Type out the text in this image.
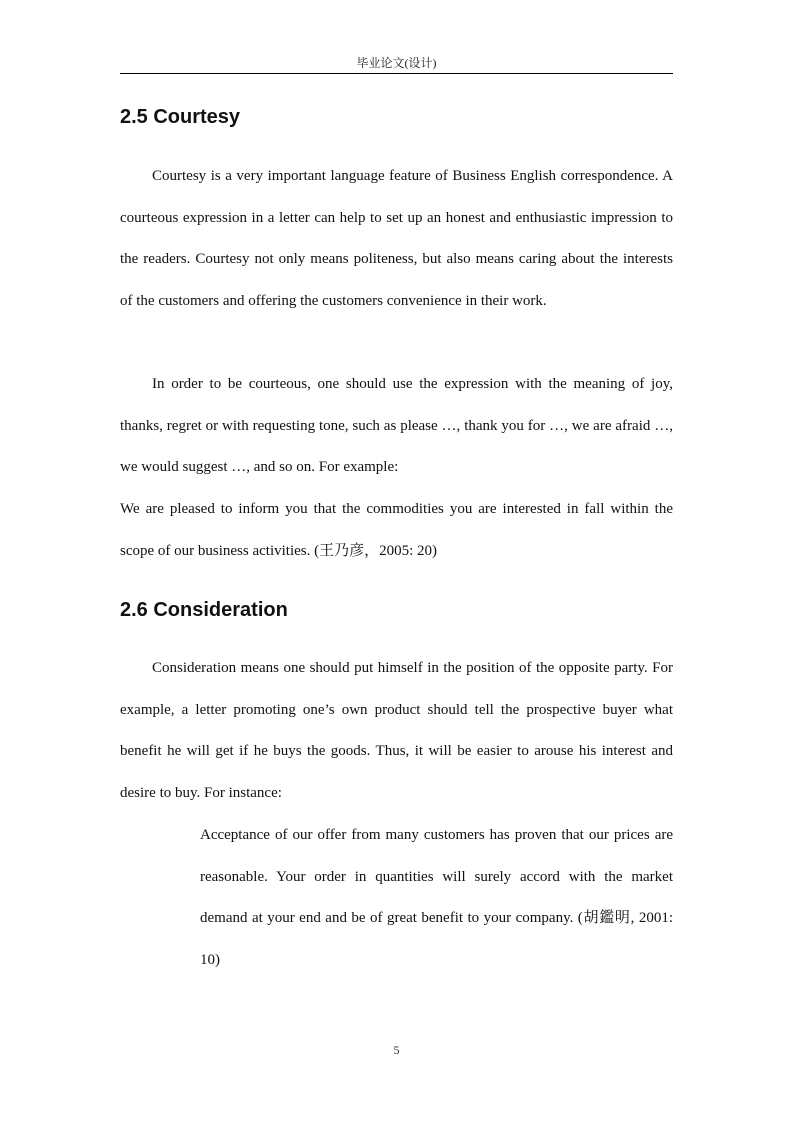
毕业论文(设计)
2.5 Courtesy

Courtesy is a very important language feature of Business English correspondence. A courteous expression in a letter can help to set up an honest and enthusiastic impression to the readers. Courtesy not only means politeness, but also means caring about the interests of the customers and offering the customers convenience in their work.

In order to be courteous, one should use the expression with the meaning of joy, thanks, regret or with requesting tone, such as please …, thank you for …, we are afraid …, we would suggest …, and so on. For example:

We are pleased to inform you that the commodities you are interested in fall within the scope of our business activities. (王乃彦，2005: 20)

2.6 Consideration

Consideration means one should put himself in the position of the opposite party. For example, a letter promoting one’s own product should tell the prospective buyer what benefit he will get if he buys the goods. Thus, it will be easier to arouse his interest and desire to buy. For instance:

Acceptance of our offer from many customers has proven that our prices are reasonable. Your order in quantities will surely accord with the market demand at your end and be of great benefit to your company. (胡鑑明, 2001: 10)

5
